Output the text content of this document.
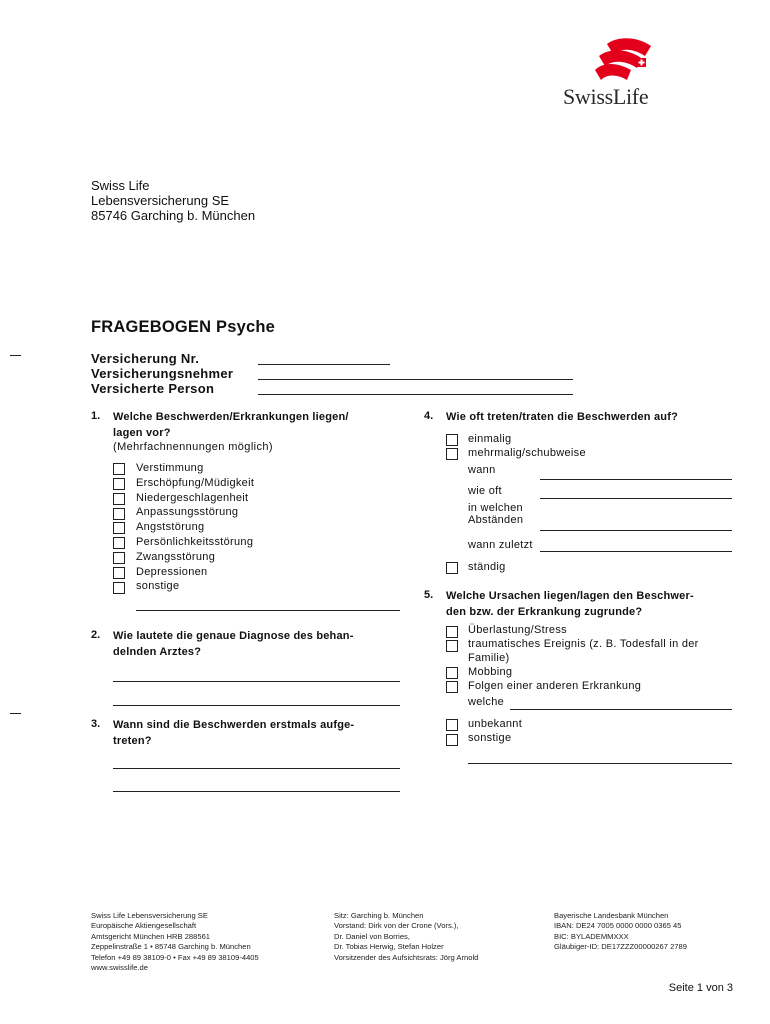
SwissLife
Swiss Life
Lebensversicherung SE
85746 Garching b. München
FRAGEBOGEN Psyche
Versicherung Nr.
Versicherungsnehmer
Versicherte Person
1. Welche Beschwerden/Erkrankungen liegen/
lagen vor?
(Mehrfachnennungen möglich)
Verstimmung
Erschöpfung/Müdigkeit
Niedergeschlagenheit
Anpassungsstörung
Angststörung
Persönlichkeitsstörung
Zwangsstörung
Depressionen
sonstige
2. Wie lautete die genaue Diagnose des behan-
delnden Arztes?
3. Wann sind die Beschwerden erstmals aufge-
treten?
4. Wie oft treten/traten die Beschwerden auf?
einmalig
mehrmalig/schubweise
wann
wie oft
in welchen
Abständen
wann zuletzt
ständig
5. Welche Ursachen liegen/lagen den Beschwer-
den bzw. der Erkrankung zugrunde?
Überlastung/Stress
traumatisches Ereignis (z. B. Todesfall in der
Familie)
Mobbing
Folgen einer anderen Erkrankung
welche
unbekannt
sonstige
Swiss Life Lebensversicherung SE
Europäische Aktiengesellschaft
Amtsgericht München HRB 288561
Zeppelinstraße 1 • 85748 Garching b. München
Telefon +49 89 38109-0 • Fax +49 89 38109-4405
www.swisslife.de
Sitz: Garching b. München
Vorstand: Dirk von der Crone (Vors.),
Dr. Daniel von Borries,
Dr. Tobias Herwig, Stefan Holzer
Vorsitzender des Aufsichtsrats: Jörg Arnold
Bayerische Landesbank München
IBAN: DE24 7005 0000 0000 0365 45
BIC: BYLADEMMXXX
Gläubiger-ID: DE17ZZZ00000267 2789
Seite 1 von 3
